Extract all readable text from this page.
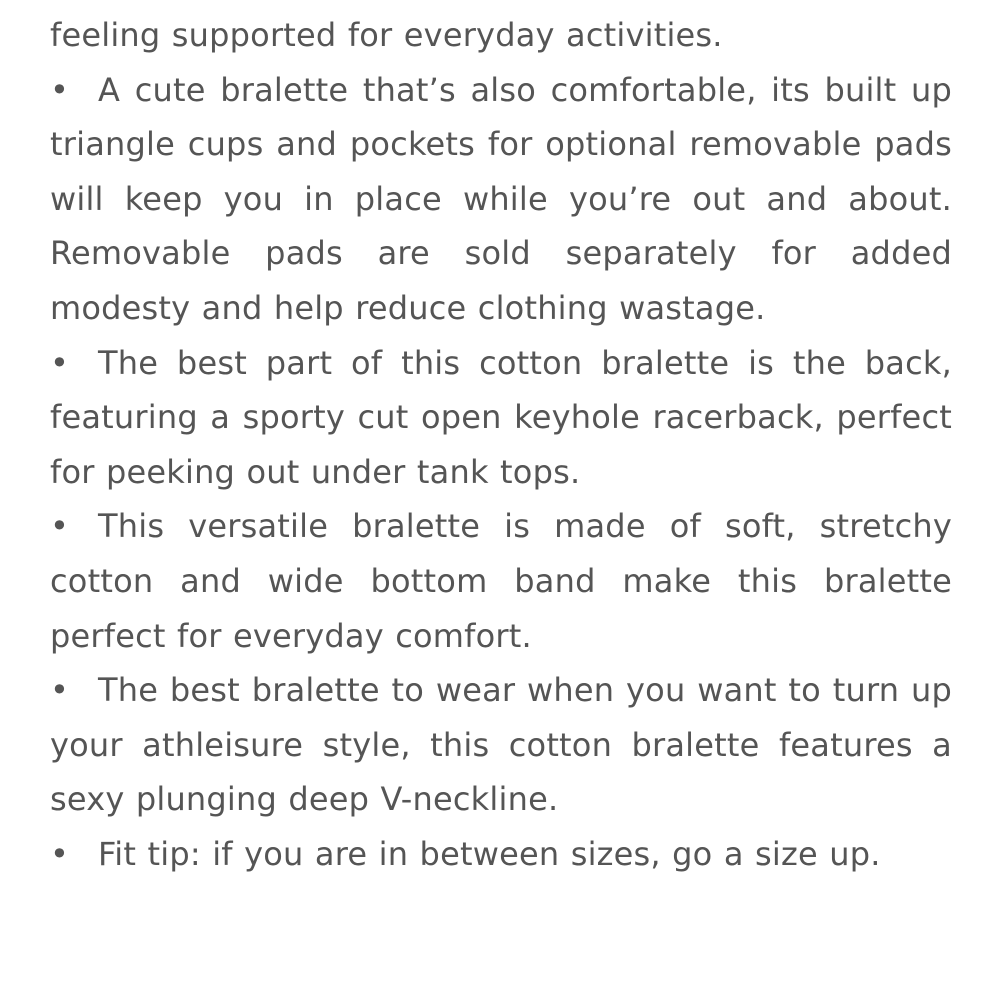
feeling supported for everyday activities.

• A cute bralette that’s also comfortable, its built up triangle cups and pockets for optional removable pads will keep you in place while you’re out and about. Removable pads are sold separately for added modesty and help reduce clothing wastage.

• The best part of this cotton bralette is the back, featuring a sporty cut open keyhole racerback, perfect for peeking out under tank tops.

• This versatile bralette is made of soft, stretchy cotton and wide bottom band make this bralette perfect for everyday comfort.

• The best bralette to wear when you want to turn up your athleisure style, this cotton bralette features a sexy plunging deep V-neckline.

• Fit tip: if you are in between sizes, go a size up.
